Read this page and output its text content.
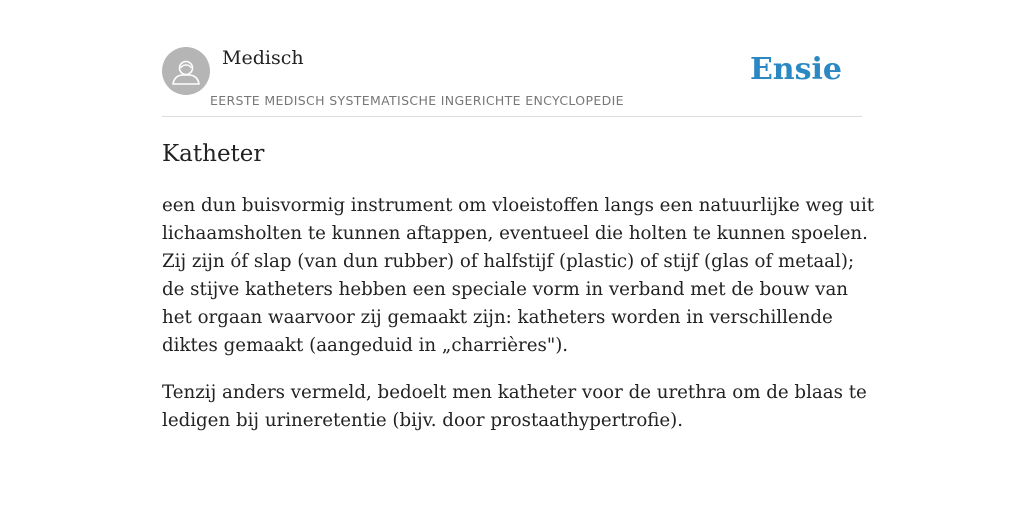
Medisch
EERSTE MEDISCH SYSTEMATISCHE INGERICHTE ENCYCLOPEDIE
Ensie
Katheter

een dun buisvormig instrument om vloeistoffen langs een natuurlijke weg uit lichaamsholten te kunnen aftappen, eventueel die holten te kunnen spoelen. Zij zijn óf slap (van dun rubber) of halfstijf (plastic) of stijf (glas of metaal); de stijve katheters hebben een speciale vorm in verband met de bouw van het orgaan waarvoor zij gemaakt zijn: katheters worden in verschillende diktes gemaakt (aangeduid in „charrières").

Tenzij anders vermeld, bedoelt men katheter voor de urethra om de blaas te ledigen bij urineretentie (bijv. door prostaathypertrofie).
